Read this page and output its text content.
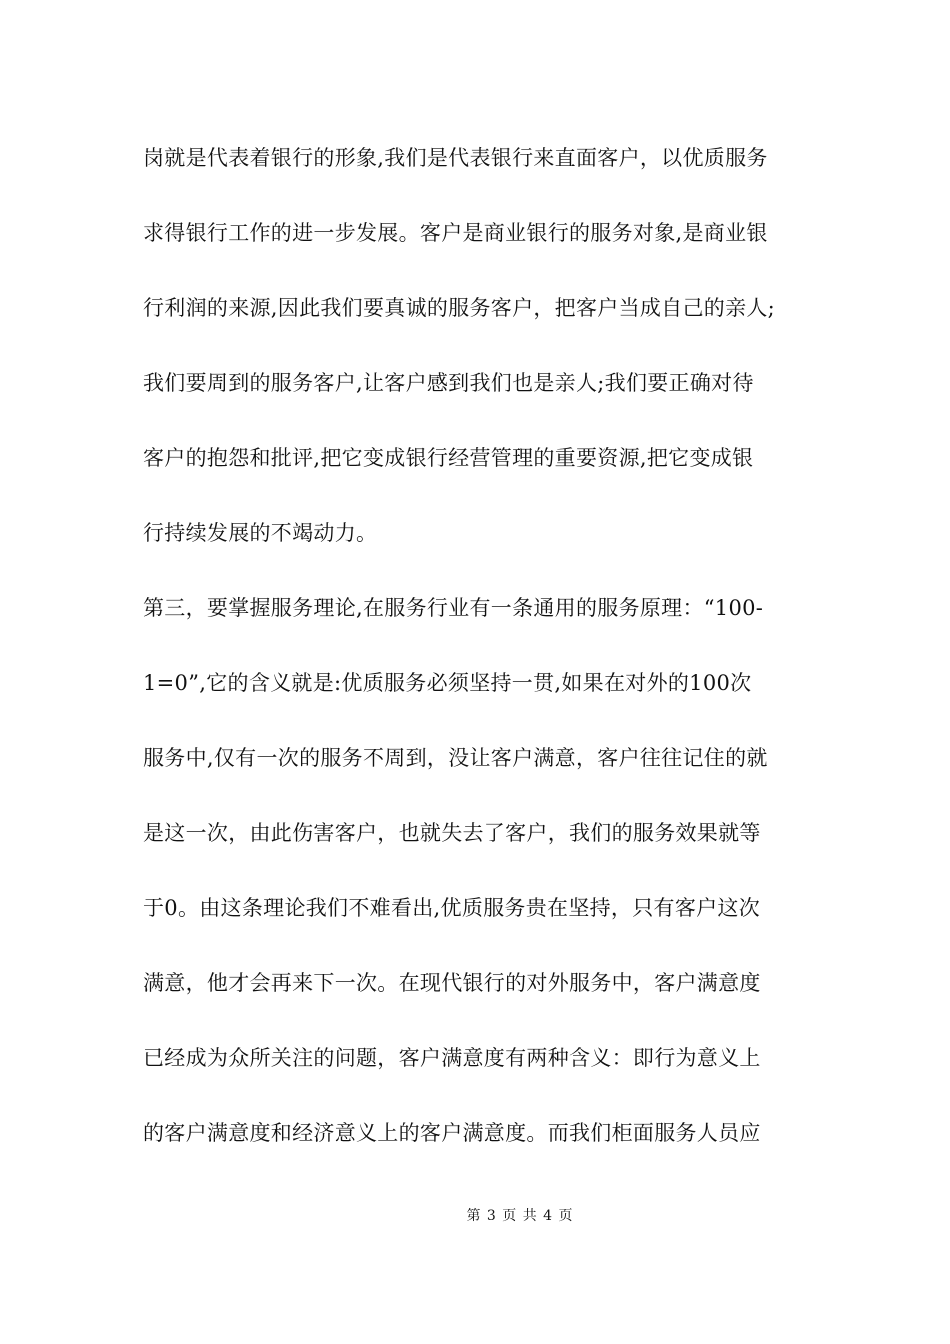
岗就是代表着银行的形象,我们是代表银行来直面客户，以优质服务
求得银行工作的进一步发展。客户是商业银行的服务对象,是商业银
行利润的来源,因此我们要真诚的服务客户，把客户当成自己的亲人;
我们要周到的服务客户,让客户感到我们也是亲人;我们要正确对待
客户的抱怨和批评,把它变成银行经营管理的重要资源,把它变成银
行持续发展的不竭动力。
第三，要掌握服务理论,在服务行业有一条通用的服务原理：“100-
1=0”,它的含义就是:优质服务必须坚持一贯,如果在对外的100次
服务中,仅有一次的服务不周到，没让客户满意，客户往往记住的就
是这一次，由此伤害客户，也就失去了客户，我们的服务效果就等
于0。由这条理论我们不难看出,优质服务贵在坚持，只有客户这次
满意，他才会再来下一次。在现代银行的对外服务中，客户满意度
已经成为众所关注的问题，客户满意度有两种含义：即行为意义上
的客户满意度和经济意义上的客户满意度。而我们柜面服务人员应
第 3 页 共 4 页
